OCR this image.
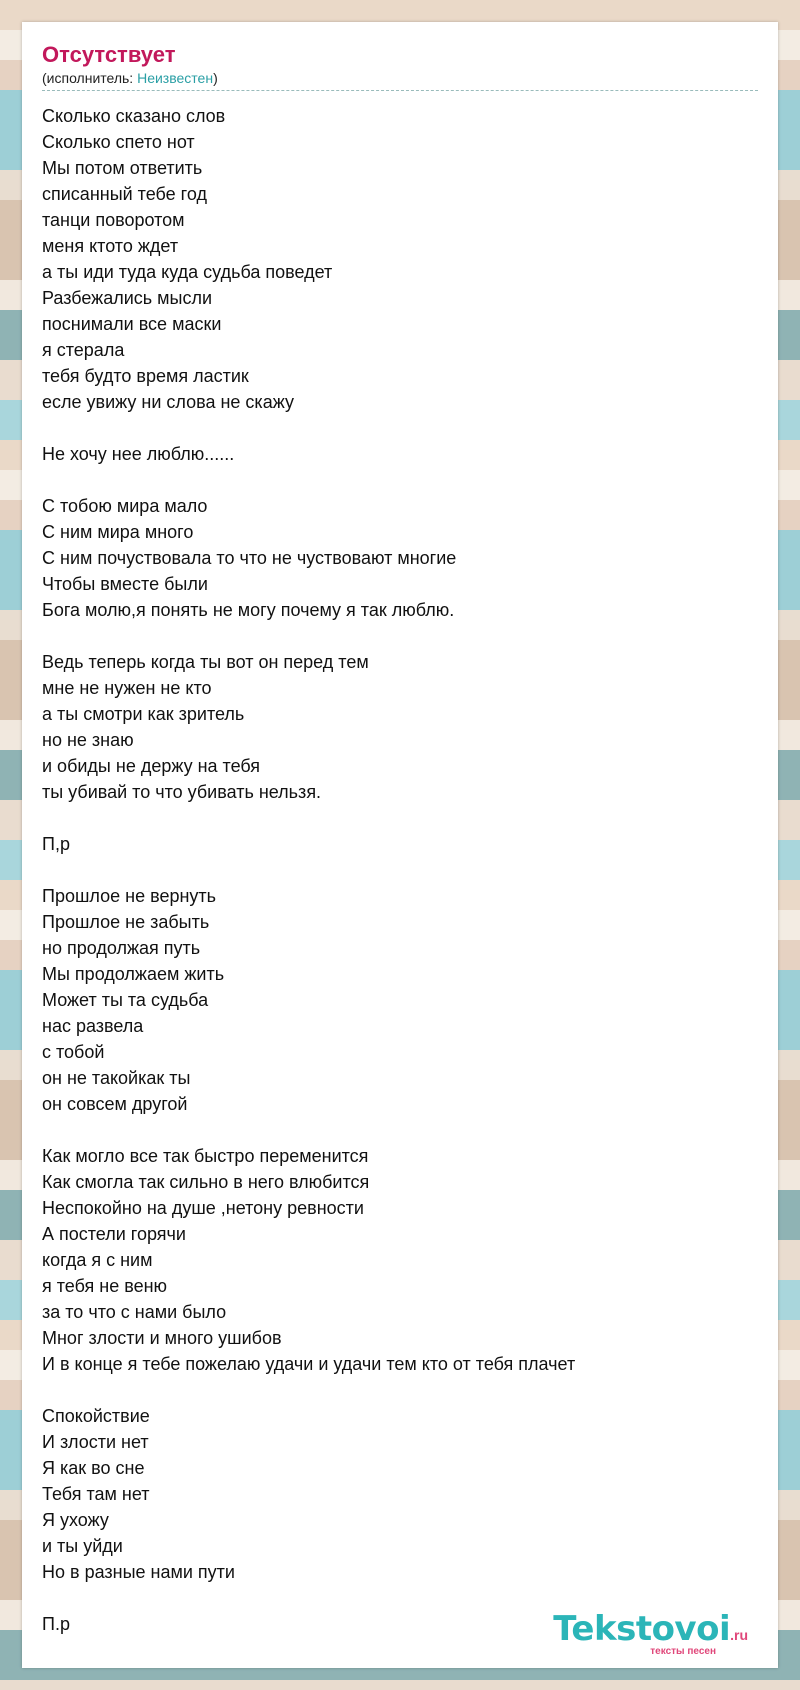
Отсутствует
(исполнитель: Неизвестен)
Сколько сказано слов
Сколько спето нот
Мы потом ответить
списанный тебе год
танци поворотом
меня ктото ждет
а ты иди туда куда судьба поведет
Разбежались мысли
поснимали все маски
я стерала
тебя будто время ластик
есле увижу ни слова не скажу
Не хочу нее люблю......
С тобою мира мало
С ним мира много
С ним почуствовала то что не чуствовают многие
Чтобы вместе были
Бога молю,я понять не могу почему я так люблю.
Ведь теперь когда ты вот он перед тем
мне не нужен не кто
а ты смотри как зритель
но не знаю
и обиды не держу на тебя
ты убивай то что убивать нельзя.
П,р
Прошлое не вернуть
Прошлое не забыть
но продолжая путь
Мы продолжаем жить
Может ты та судьба
нас развела
с тобой
он не такойкак ты
он совсем другой
Как могло все так быстро переменится
Как смогла так сильно в него влюбится
Неспокойно на душе ,нетону ревности
А постели горячи
когда я с ним
я тебя не веню
за то что с нами было
Мног злости и много ушибов
И в конце я тебе пожелаю удачи и удачи тем кто от тебя плачет
Спокойствие
И злости нет
Я как во сне
Тебя там нет
Я ухожу
и ты уйди
Но в разные нами пути
П.р	Tekstovoi.ru
тексты песен
